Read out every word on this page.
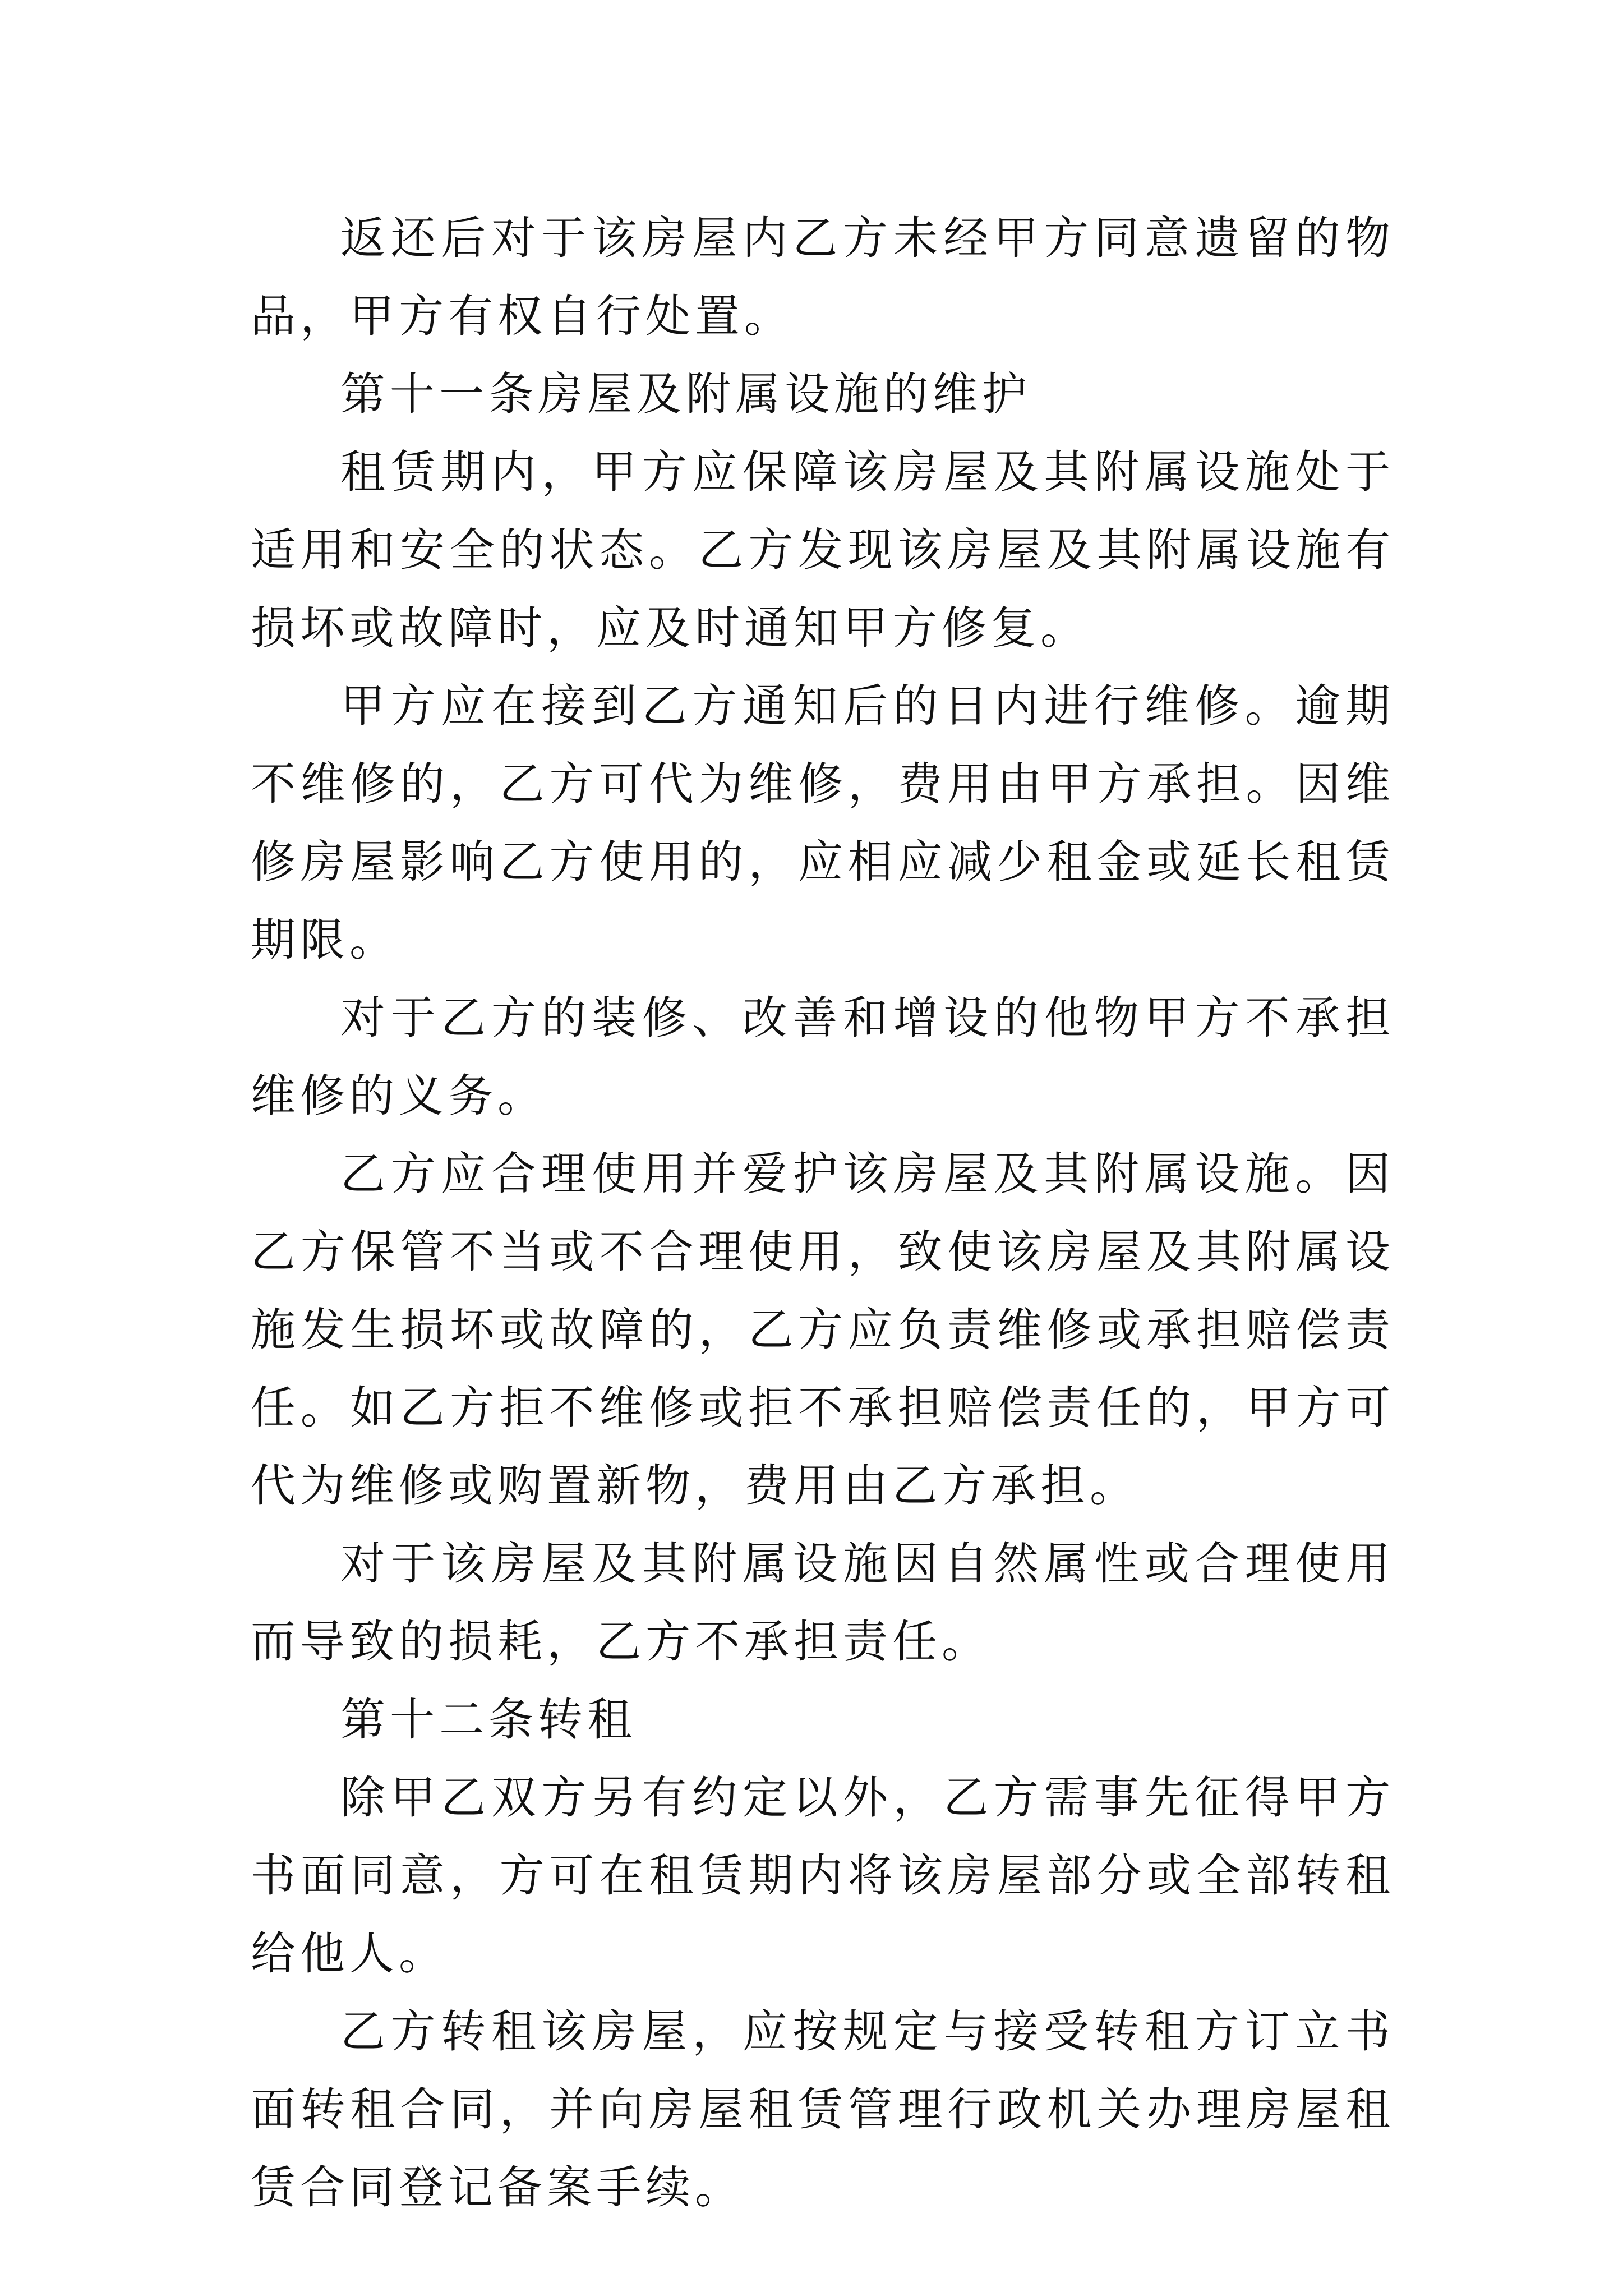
返还后对于该房屋内乙方未经甲方同意遗留的物品，甲方有权自行处置。

第十一条房屋及附属设施的维护

租赁期内，甲方应保障该房屋及其附属设施处于适用和安全的状态。乙方发现该房屋及其附属设施有损坏或故障时，应及时通知甲方修复。

甲方应在接到乙方通知后的日内进行维修。逾期不维修的，乙方可代为维修，费用由甲方承担。因维修房屋影响乙方使用的，应相应减少租金或延长租赁期限。

对于乙方的装修、改善和增设的他物甲方不承担维修的义务。

乙方应合理使用并爱护该房屋及其附属设施。因乙方保管不当或不合理使用，致使该房屋及其附属设施发生损坏或故障的，乙方应负责维修或承担赔偿责任。如乙方拒不维修或拒不承担赔偿责任的，甲方可代为维修或购置新物，费用由乙方承担。

对于该房屋及其附属设施因自然属性或合理使用而导致的损耗，乙方不承担责任。

第十二条转租

除甲乙双方另有约定以外，乙方需事先征得甲方书面同意，方可在租赁期内将该房屋部分或全部转租给他人。

乙方转租该房屋，应按规定与接受转租方订立书面转租合同，并向房屋租赁管理行政机关办理房屋租赁合同登记备案手续。
